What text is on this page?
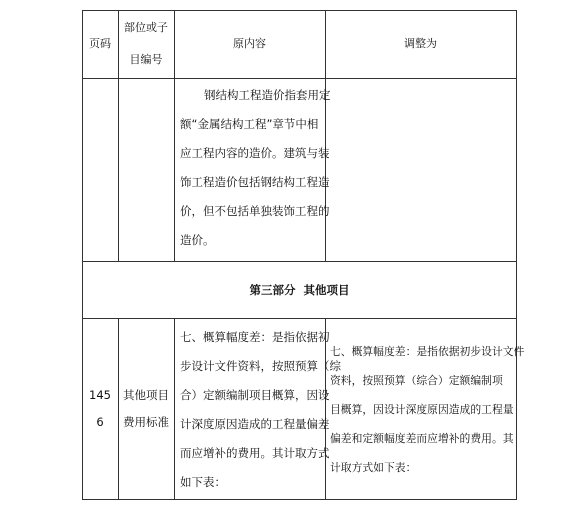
页码
部位或子
目编号
原内容	调整为
钢结构工程造价指套用定
额“金属结构工程”章节中相
应工程内容的造价。建筑与装
饰工程造价包括钢结构工程造
价，但不包括单独装饰工程的
造价。
第三部分  其他项目
145
6
其他项目
费用标准
七、概算幅度差：是指依据初
步设计文件资料，按照预算（综
合）定额编制项目概算，因设
计深度原因造成的工程量偏差
而应增补的费用。其计取方式
如下表：
七、概算幅度差：是指依据初步设计文件
资料，按照预算（综合）定额编制项
目概算，因设计深度原因造成的工程量
偏差和定额幅度差而应增补的费用。其
计取方式如下表：
